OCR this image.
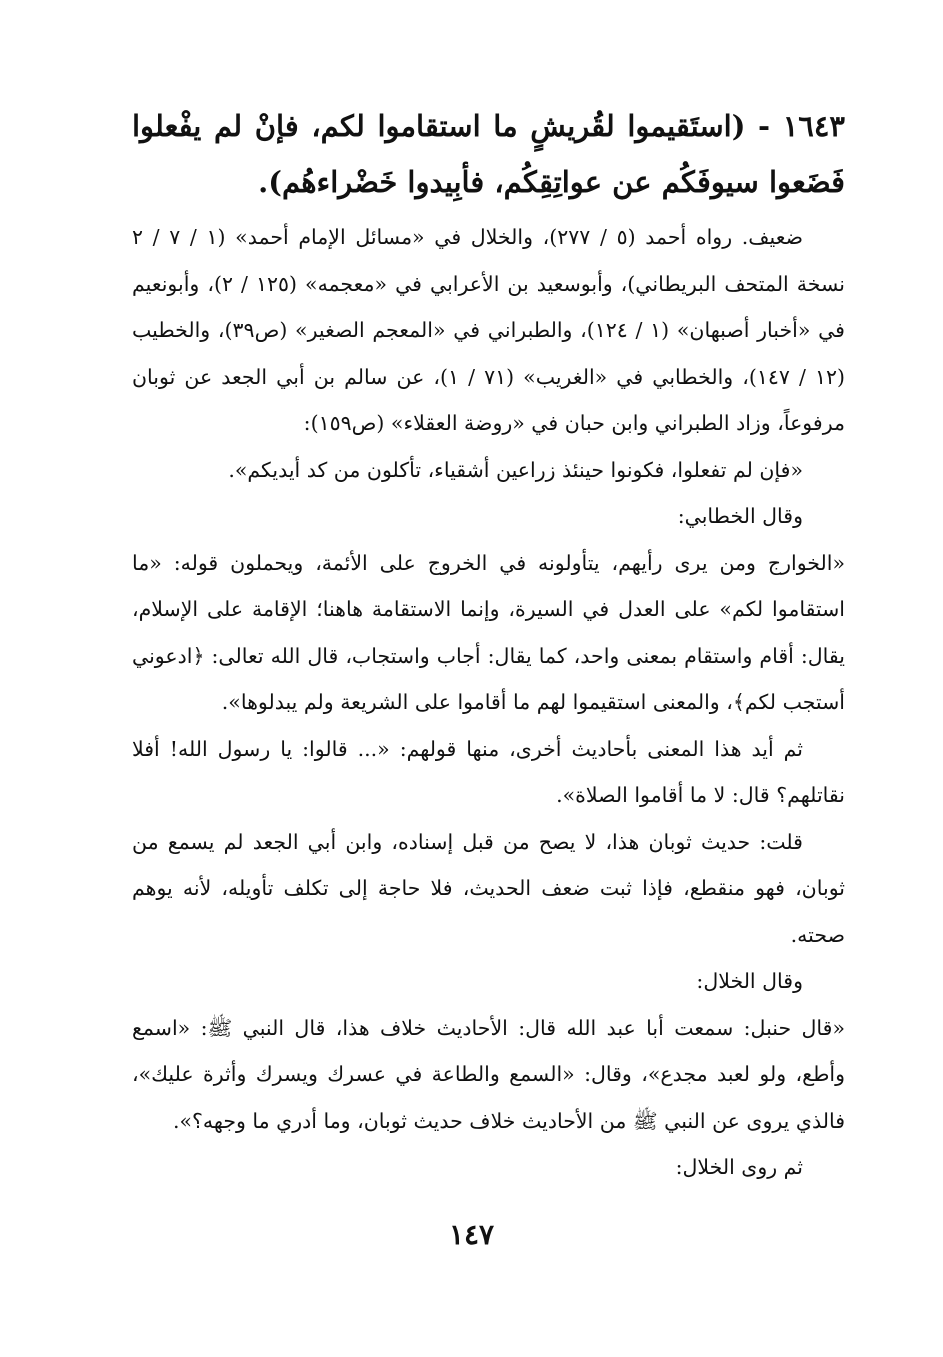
١٦٤٣ - (استَقيموا لقُريشٍ ما استقاموا لكم، فإنْ لم يفْعلوا فَضَعوا سيوفَكُم عن عواتِقِكُم، فأبِيدوا خَضْراءهُم).

ضعيف. رواه أحمد (٥ / ٢٧٧)، والخلال في «مسائل الإمام أحمد» (١ / ٧ / ٢ نسخة المتحف البريطاني)، وأبوسعيد بن الأعرابي في «معجمه» (١٢٥ / ٢)، وأبونعيم في «أخبار أصبهان» (١ / ١٢٤)، والطبراني في «المعجم الصغير» (ص٣٩)، والخطيب (١٢ / ١٤٧)، والخطابي في «الغريب» (٧١ / ١)، عن سالم بن أبي الجعد عن ثوبان مرفوعاً، وزاد الطبراني وابن حبان في «روضة العقلاء» (ص١٥٩):

«فإن لم تفعلوا، فكونوا حينئذ زراعين أشقياء، تأكلون من كد أيديكم».

وقال الخطابي:

«الخوارج ومن يرى رأيهم، يتأولونه في الخروج على الأئمة، ويحملون قوله: «ما استقاموا لكم» على العدل في السيرة، وإنما الاستقامة هاهنا؛ الإقامة على الإسلام، يقال: أقام واستقام بمعنى واحد، كما يقال: أجاب واستجاب، قال الله تعالى: ﴿ادعوني أستجب لكم﴾، والمعنى استقيموا لهم ما أقاموا على الشريعة ولم يبدلوها».

ثم أيد هذا المعنى بأحاديث أخرى، منها قولهم: «... قالوا: يا رسول الله! أفلا نقاتلهم؟ قال: لا ما أقاموا الصلاة».

قلت: حديث ثوبان هذا، لا يصح من قبل إسناده، وابن أبي الجعد لم يسمع من ثوبان، فهو منقطع، فإذا ثبت ضعف الحديث، فلا حاجة إلى تكلف تأويله، لأنه يوهم صحته.

وقال الخلال:

«قال حنبل: سمعت أبا عبد الله قال: الأحاديث خلاف هذا، قال النبي ﷺ: «اسمع وأطع، ولو لعبد مجدع»، وقال: «السمع والطاعة في عسرك ويسرك وأثرة عليك»، فالذي يروى عن النبي ﷺ من الأحاديث خلاف حديث ثوبان، وما أدري ما وجهه؟».

ثم روى الخلال:

١٤٧
